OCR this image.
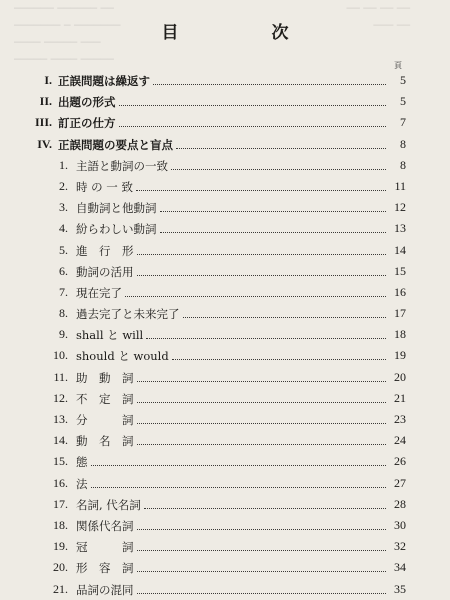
────── ────── ──
─────── ─ ───────
──── ───── ───
───── ──── ─────
── ── ── ── ─── ──
目　次
頁
I. 正誤問題は繰返す	5
II. 出題の形式	5
III. 訂正の仕方	7
IV. 正誤問題の要点と盲点	8
1. 主語と動詞の一致	8
2. 時 の 一 致	11
3. 自動詞と他動詞	12
4. 紛らわしい動詞	13
5. 進　行　形	14
6. 動詞の活用	15
7. 現在完了	16
8. 過去完了と未来完了	17
9. shall と will	18
10. should と would	19
11. 助　動　詞	20
12. 不　定　詞	21
13. 分　　　詞	23
14. 動　名　詞	24
15. 態	26
16. 法	27
17. 名詞, 代名詞	28
18. 関係代名詞	30
19. 冠　　　詞	32
20. 形　容　詞	34
21. 品詞の混同	35
